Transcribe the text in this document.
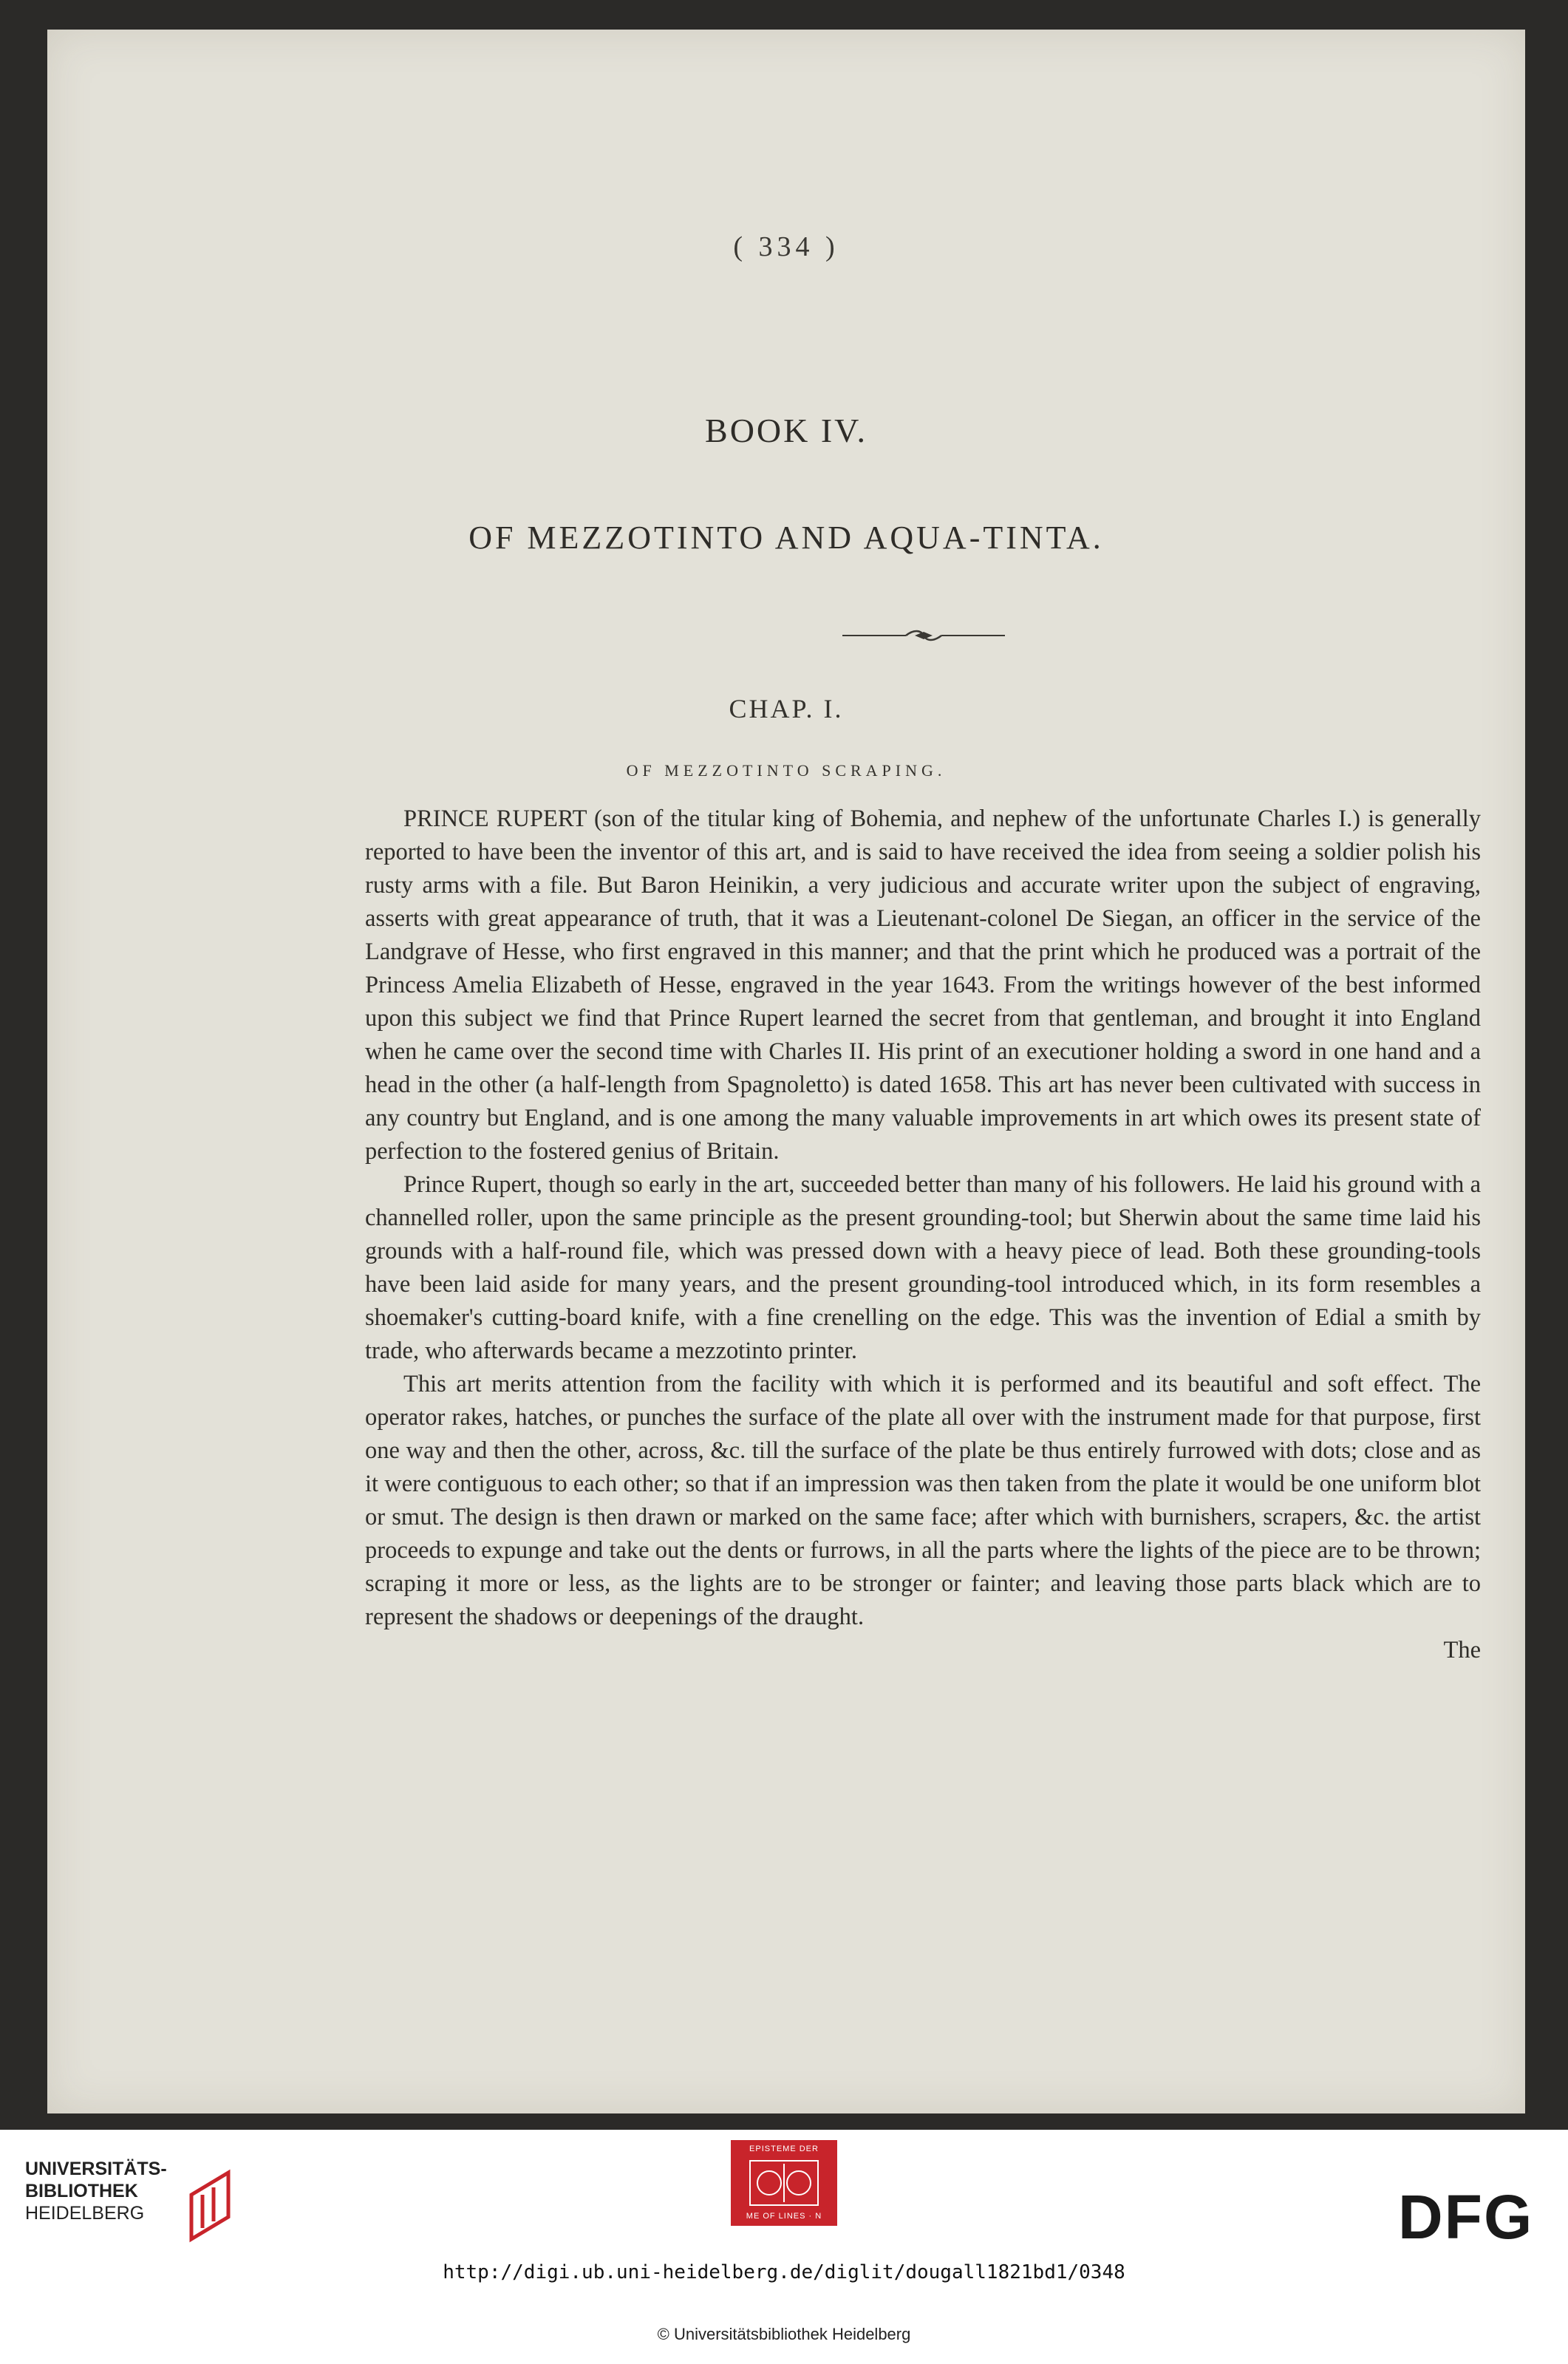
( 334 )
BOOK IV.
OF MEZZOTINTO AND AQUA-TINTA.
CHAP. I.
OF MEZZOTINTO SCRAPING.

PRINCE RUPERT (son of the titular king of Bohemia, and nephew of the unfortunate Charles I.) is generally reported to have been the inventor of this art, and is said to have received the idea from seeing a soldier polish his rusty arms with a file. But Baron Heinikin, a very judicious and accurate writer upon the subject of engraving, asserts with great appearance of truth, that it was a Lieutenant-colonel De Siegan, an officer in the service of the Landgrave of Hesse, who first engraved in this manner; and that the print which he produced was a portrait of the Princess Amelia Elizabeth of Hesse, engraved in the year 1643. From the writings however of the best informed upon this subject we find that Prince Rupert learned the secret from that gentleman, and brought it into England when he came over the second time with Charles II. His print of an executioner holding a sword in one hand and a head in the other (a half-length from Spagnoletto) is dated 1658. This art has never been cultivated with success in any country but England, and is one among the many valuable improvements in art which owes its present state of perfection to the fostered genius of Britain.

Prince Rupert, though so early in the art, succeeded better than many of his followers. He laid his ground with a channelled roller, upon the same principle as the present grounding-tool; but Sherwin about the same time laid his grounds with a half-round file, which was pressed down with a heavy piece of lead. Both these grounding-tools have been laid aside for many years, and the present grounding-tool introduced which, in its form resembles a shoemaker's cutting-board knife, with a fine crenelling on the edge. This was the invention of Edial a smith by trade, who afterwards became a mezzotinto printer.

This art merits attention from the facility with which it is performed and its beautiful and soft effect. The operator rakes, hatches, or punches the surface of the plate all over with the instrument made for that purpose, first one way and then the other, across, &c. till the surface of the plate be thus entirely furrowed with dots; close and as it were contiguous to each other; so that if an impression was then taken from the plate it would be one uniform blot or smut. The design is then drawn or marked on the same face; after which with burnishers, scrapers, &c. the artist proceeds to expunge and take out the dents or furrows, in all the parts where the lights of the piece are to be thrown; scraping it more or less, as the lights are to be stronger or fainter; and leaving those parts black which are to represent the shadows or deepenings of the draught.

The
UNIVERSITÄTS-
BIBLIOTHEK
HEIDELBERG
EPISTEME DER
ME OF LINES · N	DFG
http://digi.ub.uni-heidelberg.de/diglit/dougall1821bd1/0348
© Universitätsbibliothek Heidelberg
